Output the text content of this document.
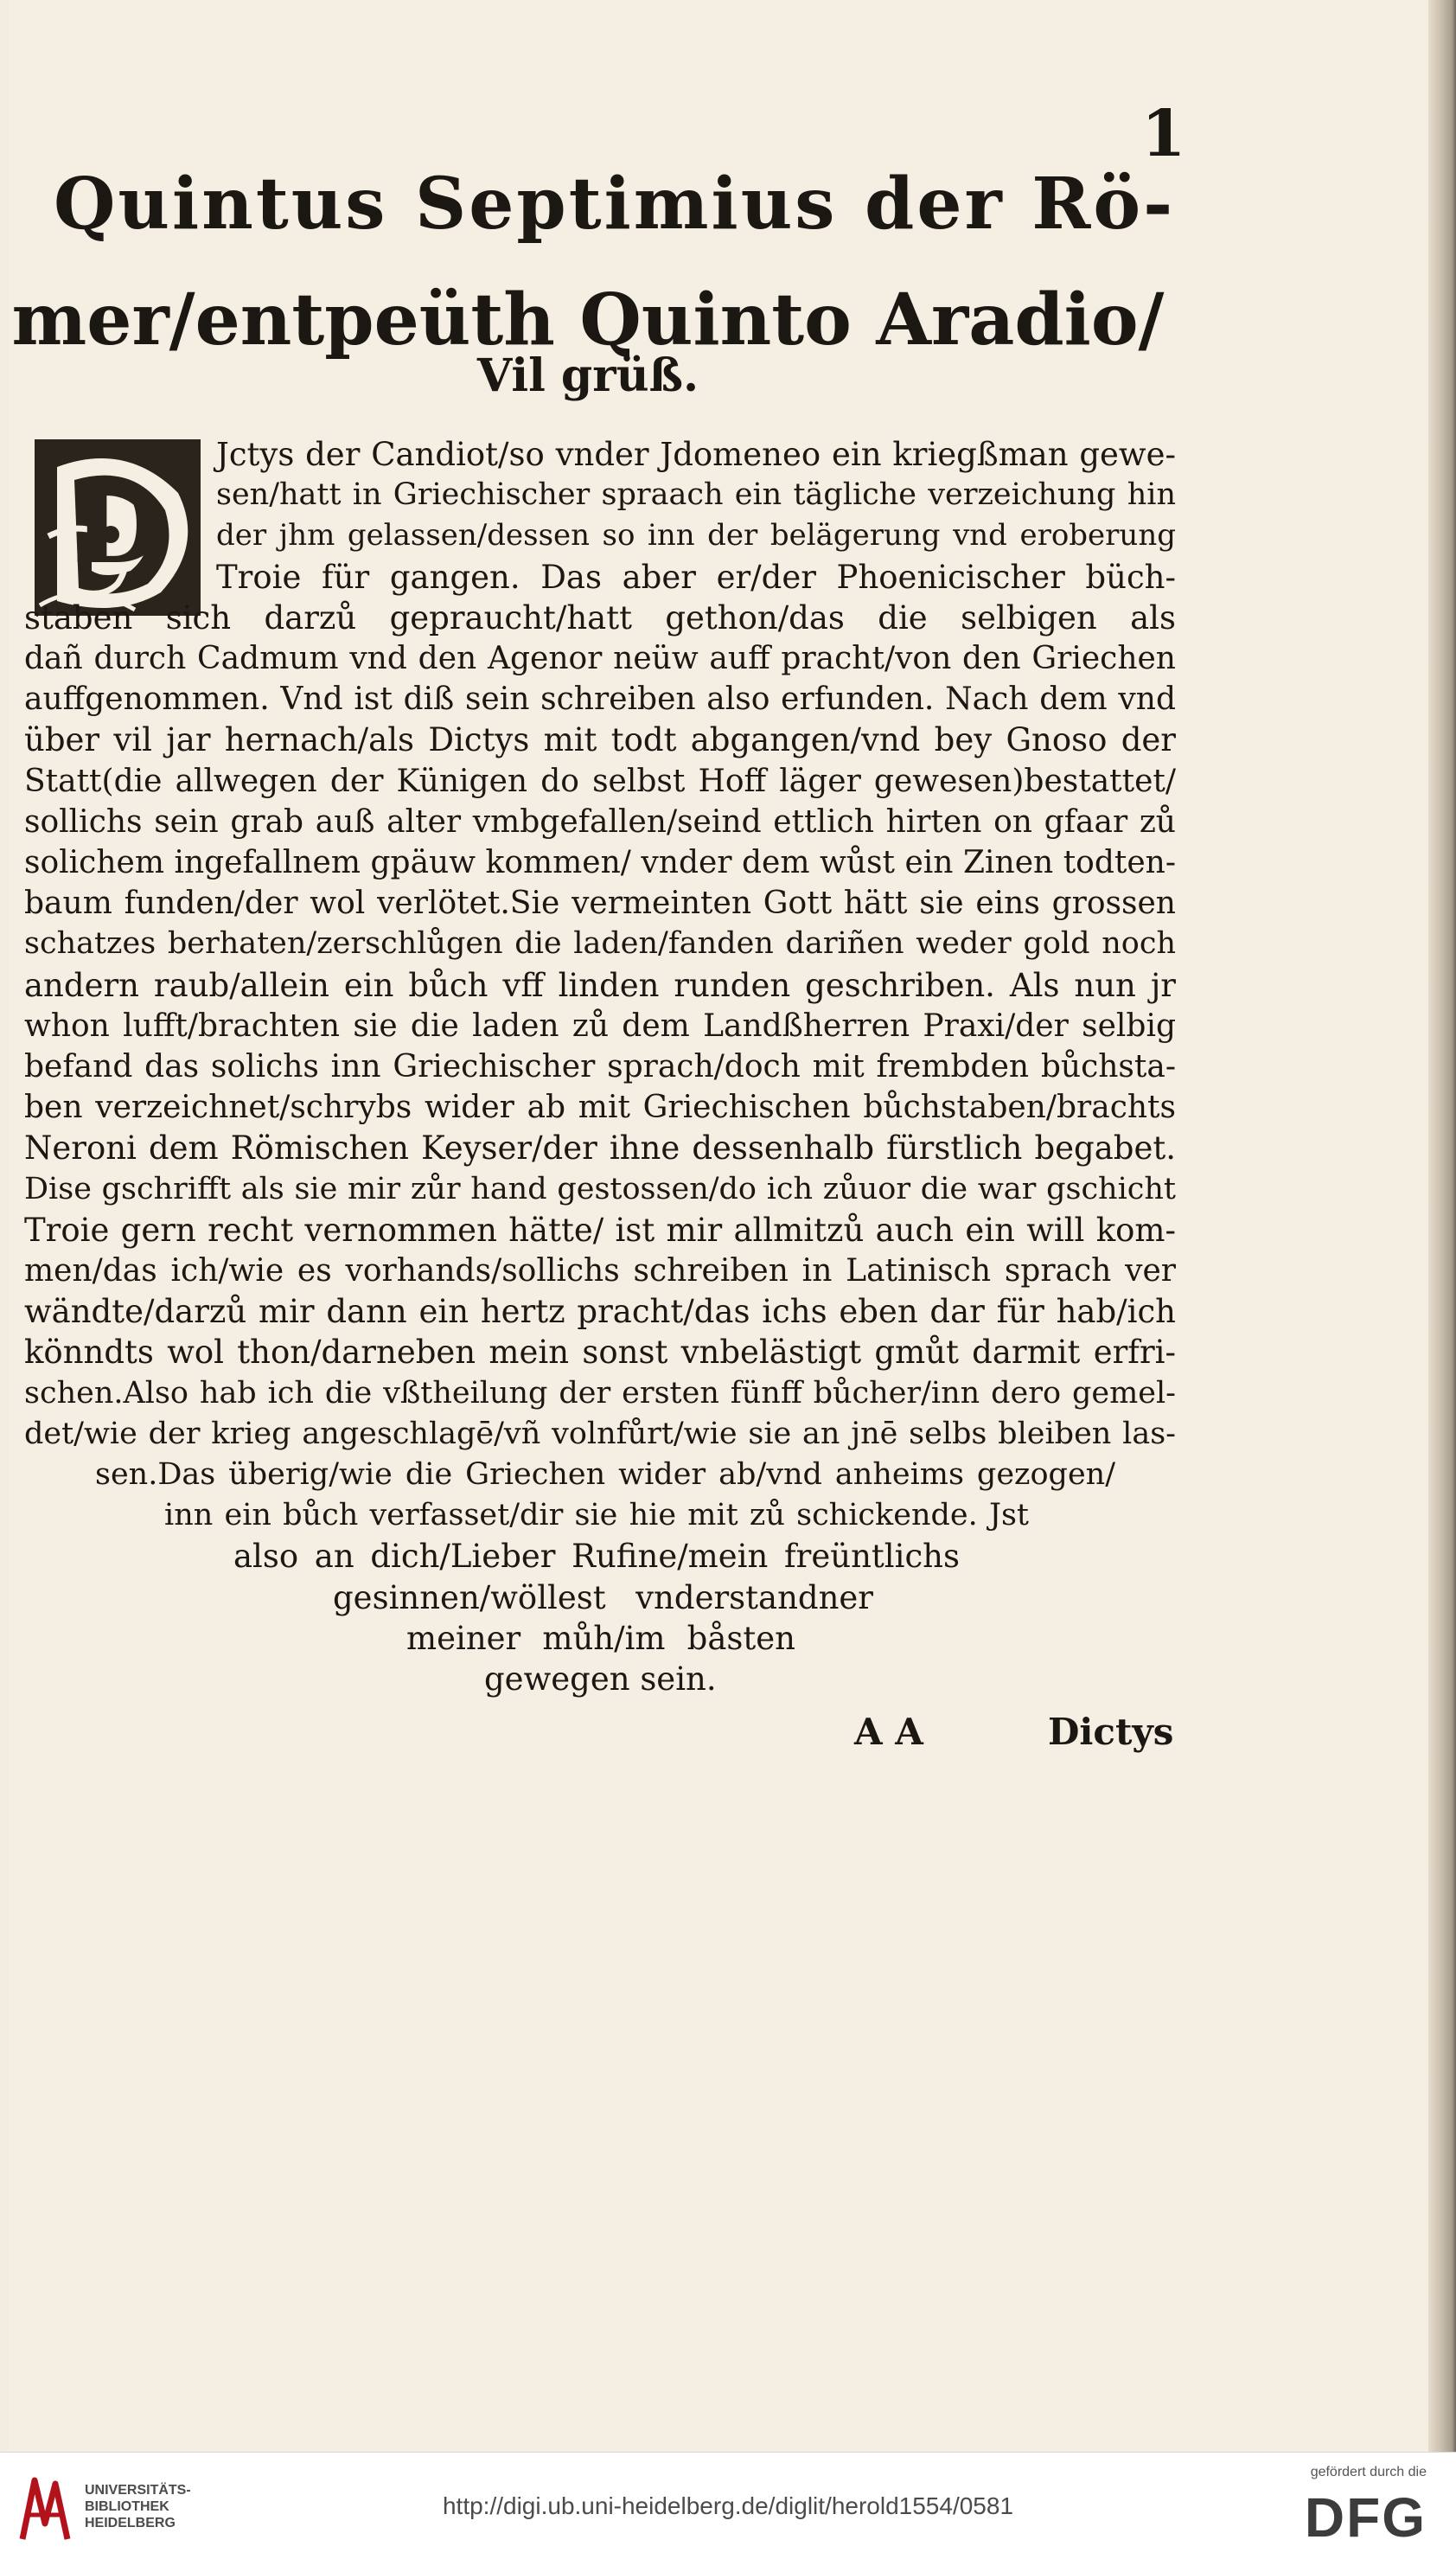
1
Quintus Septimius der Rö-
mer/entpeüth Quinto Aradio/
Vil grüß.
D
Jctys der Candiot/so vnder Jdomeneo ein kriegßman gewe-
sen/hatt in Griechischer spraach ein tägliche verzeichung hin
der jhm gelassen/dessen so inn der belägerung vnd eroberung
Troie für gangen. Das aber er/der Phoenicischer büch-
staben sich darzů gepraucht/hatt gethon/das die selbigen als
dañ durch Cadmum vnd den Agenor neüw auff pracht/von den Griechen
auffgenommen. Vnd ist diß sein schreiben also erfunden. Nach dem vnd
über vil jar hernach/als Dictys mit todt abgangen/vnd bey Gnoso der
Statt(die allwegen der Künigen do selbst Hoff läger gewesen)bestattet/
sollichs sein grab auß alter vmbgefallen/seind ettlich hirten on gfaar zů
solichem ingefallnem gpäuw kommen/ vnder dem wůst ein Zinen todten-
baum funden/der wol verlötet.Sie vermeinten Gott hätt sie eins grossen
schatzes berhaten/zerschlůgen die laden/fanden dariñen weder gold noch
andern raub/allein ein bůch vff linden runden geschriben. Als nun jr
whon lufft/brachten sie die laden zů dem Landßherren Praxi/der selbig
befand das solichs inn Griechischer sprach/doch mit frembden bůchsta-
ben verzeichnet/schrybs wider ab mit Griechischen bůchstaben/brachts
Neroni dem Römischen Keyser/der ihne dessenhalb fürstlich begabet.
Dise gschrifft als sie mir zůr hand gestossen/do ich zůuor die war gschicht
Troie gern recht vernommen hätte/ ist mir allmitzů auch ein will kom-
men/das ich/wie es vorhands/sollichs schreiben in Latinisch sprach ver
wändte/darzů mir dann ein hertz pracht/das ichs eben dar für hab/ich
könndts wol thon/darneben mein sonst vnbelästigt gmůt darmit erfri-
schen.Also hab ich die vßtheilung der ersten fünff bůcher/inn dero gemel-
det/wie der krieg angeschlagē/vñ volnfůrt/wie sie an jnē selbs bleiben las-
sen.Das überig/wie die Griechen wider ab/vnd anheims gezogen/
inn ein bůch verfasset/dir sie hie mit zů schickende. Jst
also an dich/Lieber Rufine/mein freüntlichs
gesinnen/wöllest vnderstandner
meiner můh/im båsten
gewegen sein.
A A	Dictys
UNIVERSITÄTS-
BIBLIOTHEK
HEIDELBERG
http://digi.ub.uni-heidelberg.de/diglit/herold1554/0581
gefördert durch die
DFG
